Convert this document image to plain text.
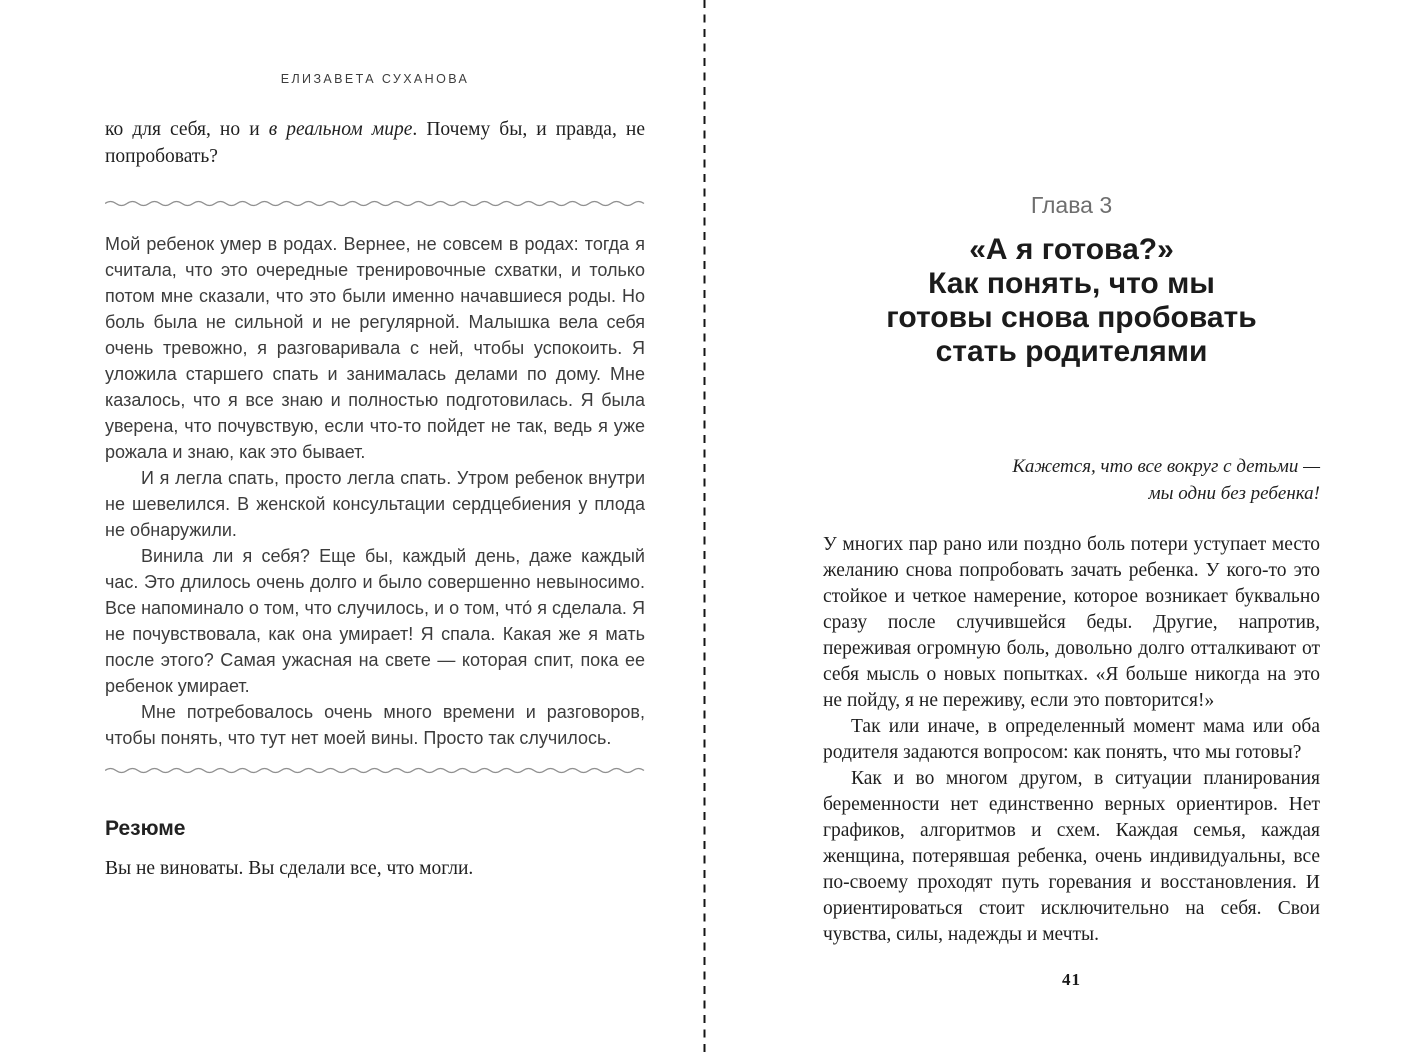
ЕЛИЗАВЕТА СУХАНОВА

ко для себя, но и в реальном мире. Почему бы, и правда, не попробовать?

Мой ребенок умер в родах. Вернее, не совсем в родах: тогда я считала, что это очередные тренировочные схватки, и только потом мне сказали, что это были именно начавшиеся роды. Но боль была не сильной и не регулярной. Малышка вела себя очень тревожно, я разговаривала с ней, чтобы успокоить. Я уложила старшего спать и занималась делами по дому. Мне казалось, что я все знаю и полностью подготовилась. Я была уверена, что почувствую, если что-то пойдет не так, ведь я уже рожала и знаю, как это бывает.

И я легла спать, просто легла спать. Утром ребенок внутри не шевелился. В женской консультации сердцебиения у плода не обнаружили.

Винила ли я себя? Еще бы, каждый день, даже каждый час. Это длилось очень долго и было совершенно невыносимо. Все напоминало о том, что случилось, и о том, что́ я сделала. Я не почувствовала, как она умирает! Я спала. Какая же я мать после этого? Самая ужасная на свете — которая спит, пока ее ребенок умирает.

Мне потребовалось очень много времени и разговоров, чтобы понять, что тут нет моей вины. Просто так случилось.

Резюме

Вы не виноваты. Вы сделали все, что могли.

Глава 3
«А я готова?»
Как понять, что мы
готовы снова пробовать
стать родителями
Кажется, что все вокруг с детьми —
мы одни без ребенка!

У многих пар рано или поздно боль потери уступает место желанию снова попробовать зачать ребенка. У кого-то это стойкое и четкое намерение, которое возникает буквально сразу после случившейся беды. Другие, напротив, переживая огромную боль, довольно долго отталкивают от себя мысль о новых попытках. «Я больше никогда на это не пойду, я не переживу, если это повторится!»

Так или иначе, в определенный момент мама или оба родителя задаются вопросом: как понять, что мы готовы?

Как и во многом другом, в ситуации планирования беременности нет единственно верных ориентиров. Нет графиков, алгоритмов и схем. Каждая семья, каждая женщина, потерявшая ребенка, очень индивидуальны, все по-своему проходят путь горевания и восстановления. И ориентироваться стоит исключительно на себя. Свои чувства, силы, надежды и мечты.

41
